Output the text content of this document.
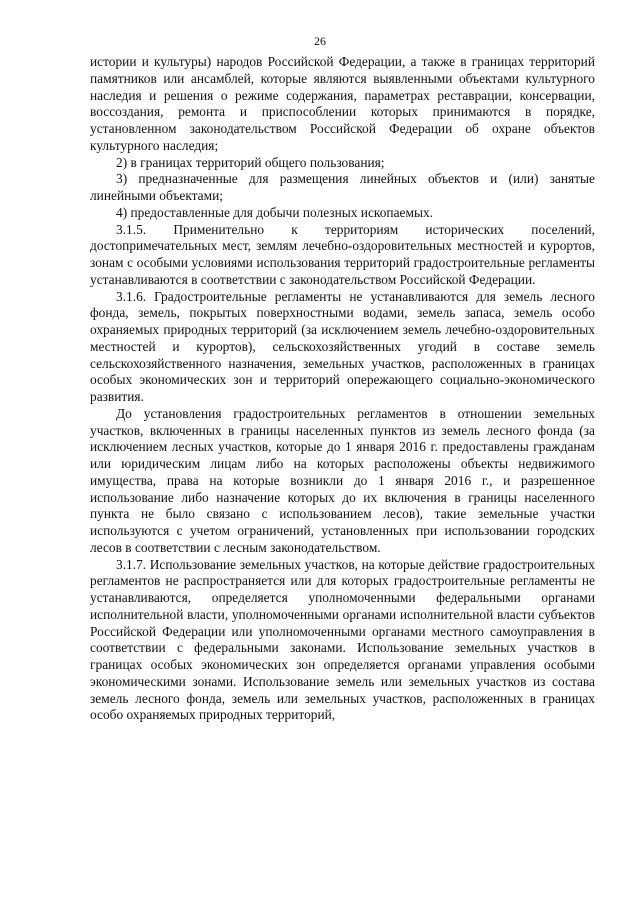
26

истории и культуры) народов Российской Федерации, а также в границах территорий памятников или ансамблей, которые являются выявленными объектами культурного наследия и решения о режиме содержания, параметрах реставрации, консервации, воссоздания, ремонта и приспособлении которых принимаются в порядке, установленном законодательством Российской Федерации об охране объектов культурного наследия;

2) в границах территорий общего пользования;

3) предназначенные для размещения линейных объектов и (или) занятые линейными объектами;

4) предоставленные для добычи полезных ископаемых.

3.1.5. Применительно к территориям исторических поселений, достопримечательных мест, землям лечебно-оздоровительных местностей и курортов, зонам с особыми условиями использования территорий градостроительные регламенты устанавливаются в соответствии с законодательством Российской Федерации.

3.1.6. Градостроительные регламенты не устанавливаются для земель лесного фонда, земель, покрытых поверхностными водами, земель запаса, земель особо охраняемых природных территорий (за исключением земель лечебно-оздоровительных местностей и курортов), сельскохозяйственных угодий в составе земель сельскохозяйственного назначения, земельных участков, расположенных в границах особых экономических зон и территорий опережающего социально-экономического развития.

До установления градостроительных регламентов в отношении земельных участков, включенных в границы населенных пунктов из земель лесного фонда (за исключением лесных участков, которые до 1 января 2016 г. предоставлены гражданам или юридическим лицам либо на которых расположены объекты недвижимого имущества, права на которые возникли до 1 января 2016 г., и разрешенное использование либо назначение которых до их включения в границы населенного пункта не было связано с использованием лесов), такие земельные участки используются с учетом ограничений, установленных при использовании городских лесов в соответствии с лесным законодательством.

3.1.7. Использование земельных участков, на которые действие градостроительных регламентов не распространяется или для которых градостроительные регламенты не устанавливаются, определяется уполномоченными федеральными органами исполнительной власти, уполномоченными органами исполнительной власти субъектов Российской Федерации или уполномоченными органами местного самоуправления в соответствии с федеральными законами. Использование земельных участков в границах особых экономических зон определяется органами управления особыми экономическими зонами. Использование земель или земельных участков из состава земель лесного фонда, земель или земельных участков, расположенных в границах особо охраняемых природных территорий,
